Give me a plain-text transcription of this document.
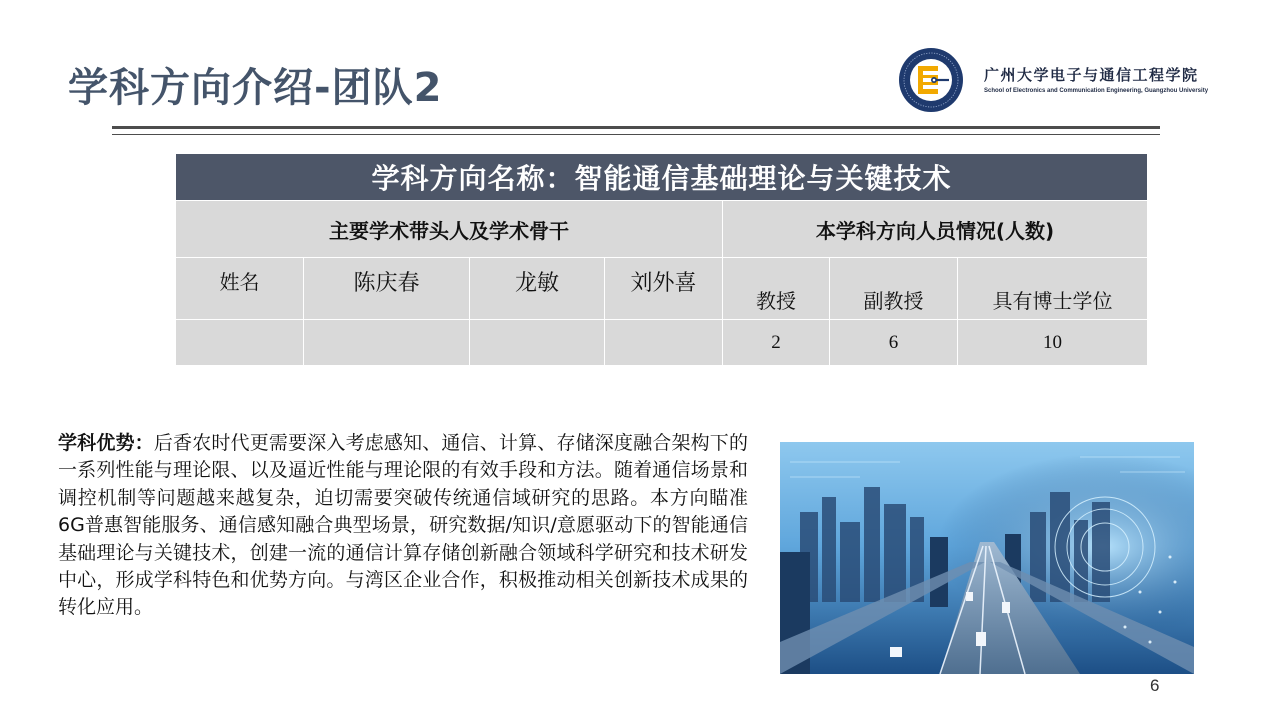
学科方向介绍-团队2	广州大学电子与通信工程学院
School of Electronics and Communication Engineering, Guangzhou University
学科方向名称：智能通信基础理论与关键技术						
主要学术带头人及学术骨干				本学科方向人员情况(人数)		
姓名	陈庆春	龙敏	刘外喜	教授	副教授	具有博士学位
				2	6	10
学科优势：后香农时代更需要深入考虑感知、通信、计算、存储深度融合架构下的一系列性能与理论限、以及逼近性能与理论限的有效手段和方法。随着通信场景和调控机制等问题越来越复杂，迫切需要突破传统通信域研究的思路。本方向瞄准6G普惠智能服务、通信感知融合典型场景，研究数据/知识/意愿驱动下的智能通信基础理论与关键技术，创建一流的通信计算存储创新融合领域科学研究和技术研发中心，形成学科特色和优势方向。与湾区企业合作，积极推动相关创新技术成果的转化应用。
6
